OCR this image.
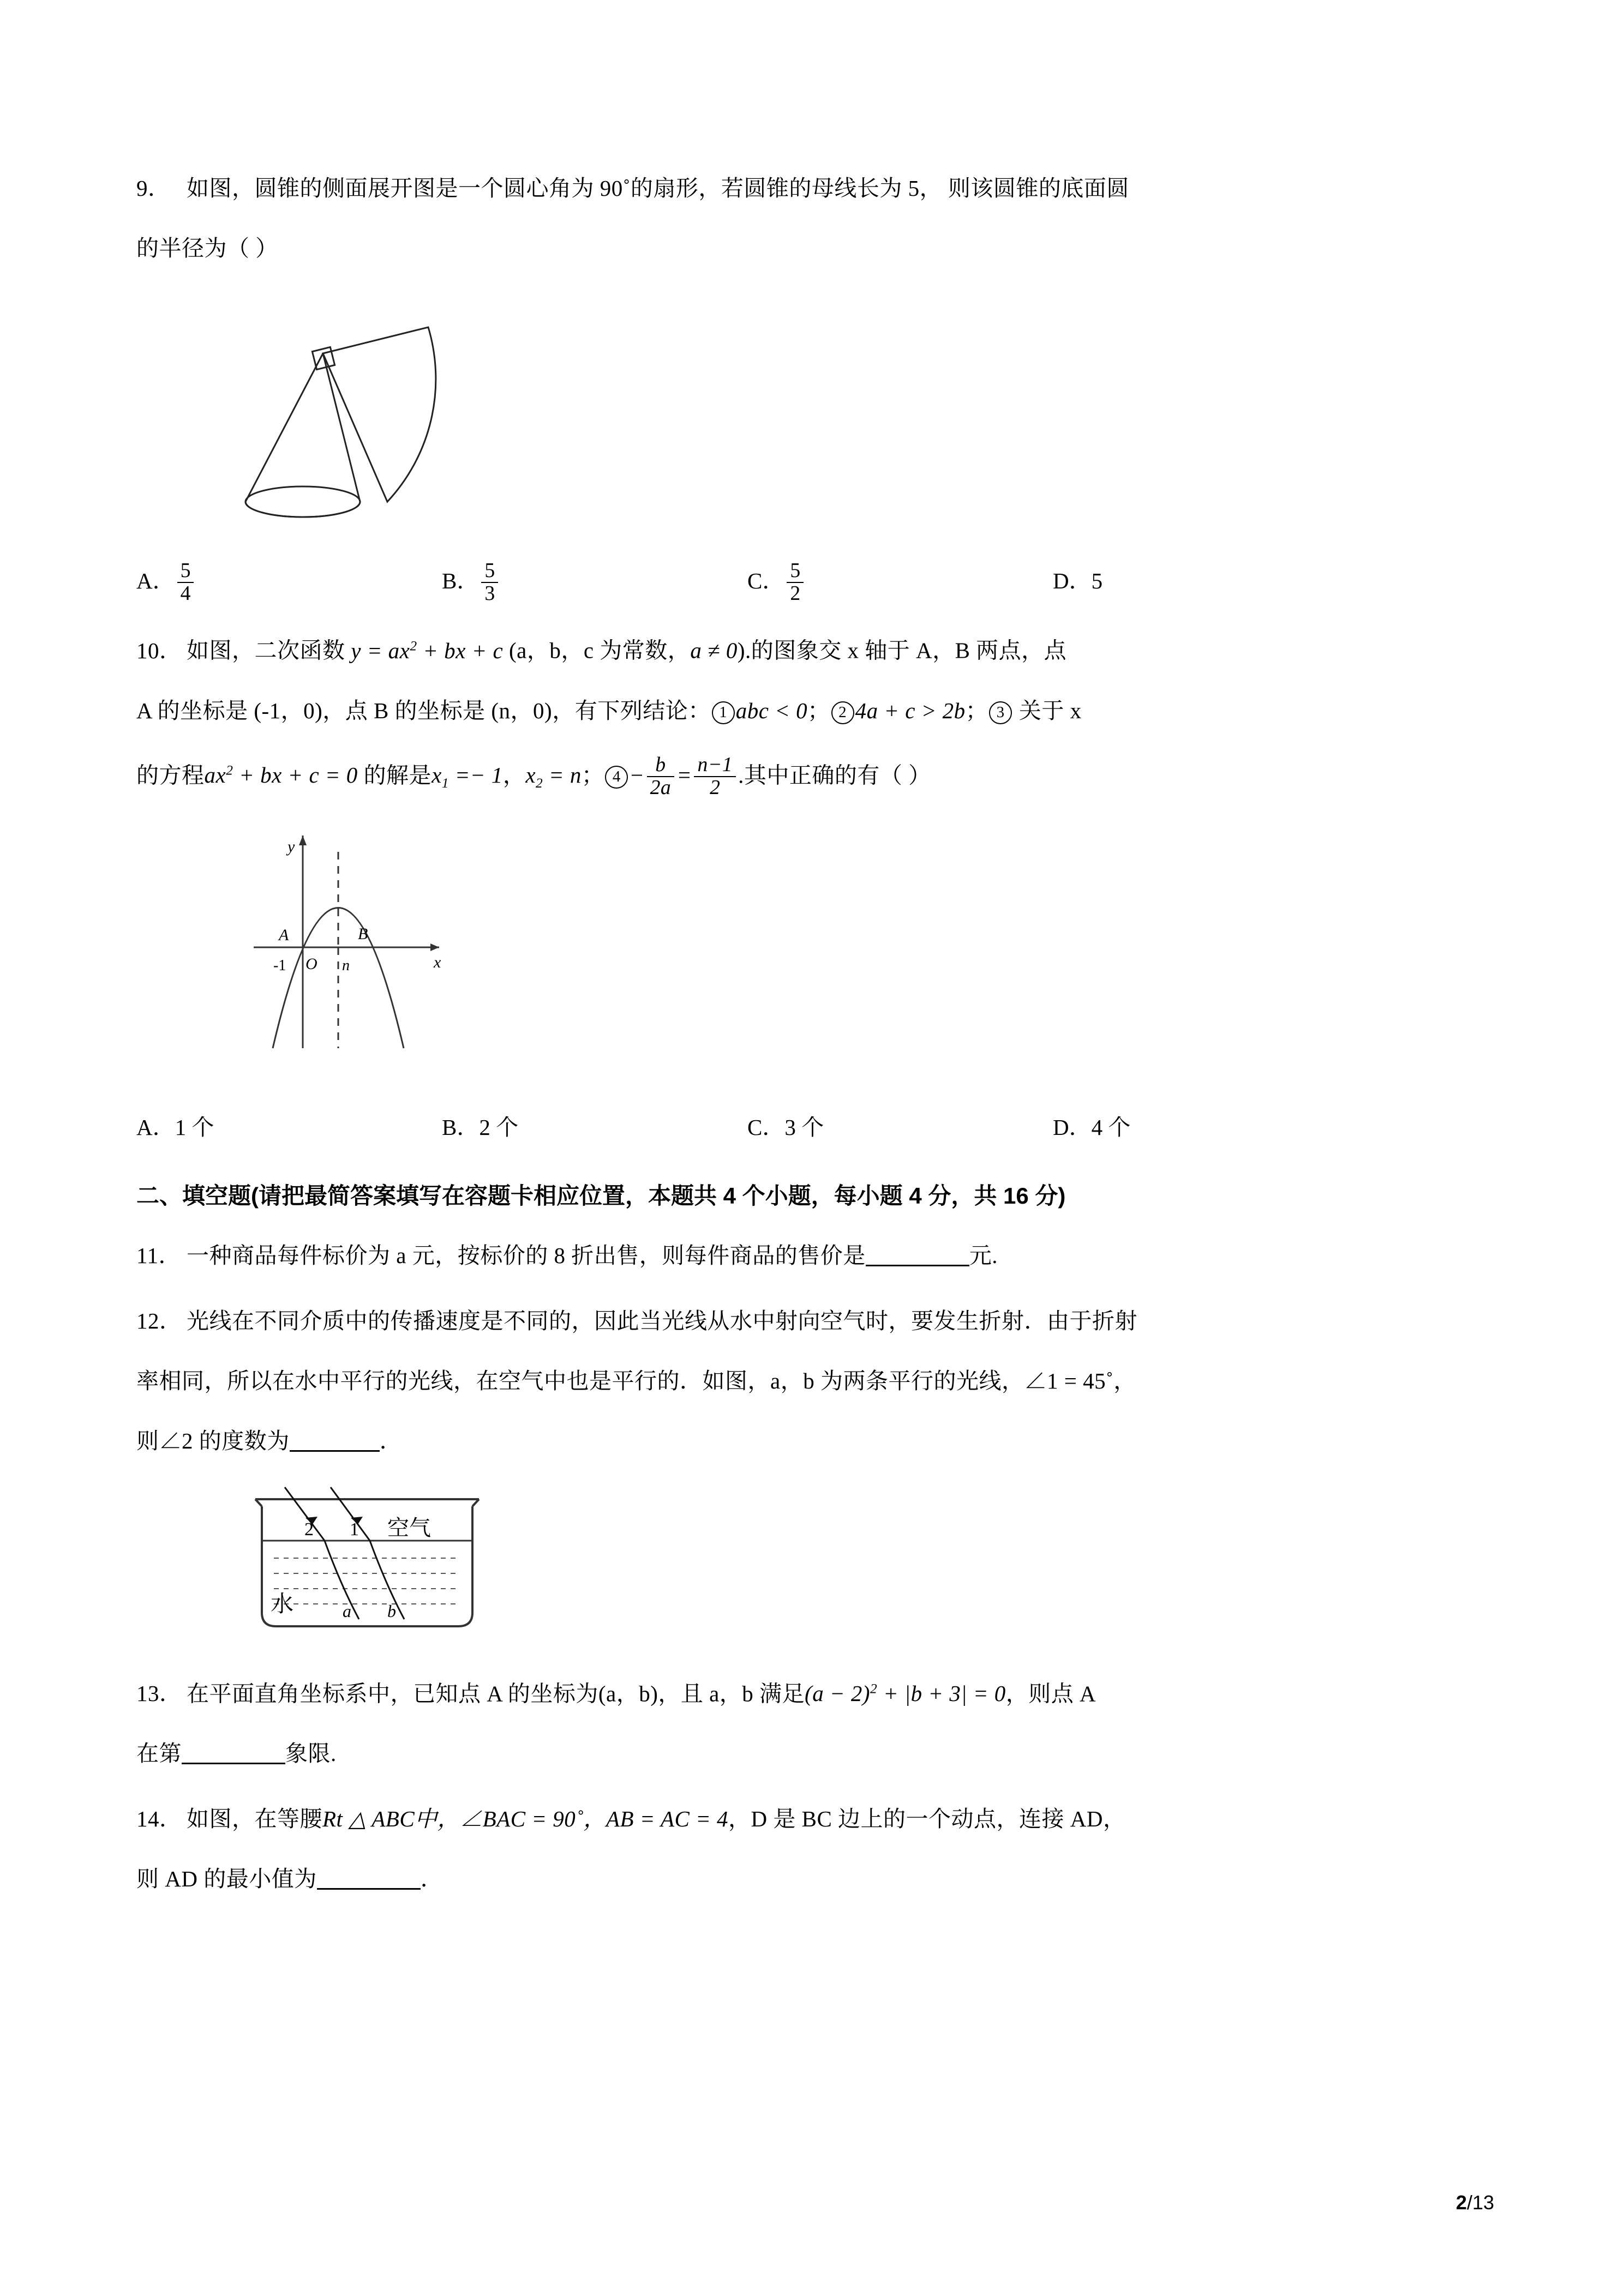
9． 如图，圆锥的侧面展开图是一个圆心角为 90˚的扇形，若圆锥的母线长为 5， 则该圆锥的底面圆
的半径为（ ）
A． $\frac{5}{4}$	B． $\frac{5}{3}$	C． $\frac{5}{2}$	D．5
10． 如图，二次函数 $y = ax^2$ + bx + c (a，b，c 为常数，a ≠ 0).的图象交 x 轴于 A，B 两点，点
A 的坐标是 (-1，0)，点 B 的坐标是 (n，0)，有下列结论： 1 abc < 0； 2 4a + c > 2b； 3 关于 x
的方程$ax^2$ + bx + c = 0 的解是$x_1 =- 1$，$x_2 = n$； $4 - \frac{b}{2a} = \frac{n-1}{2}$ .其中正确的有（ ）
y
x
O
A	B
-1	n
A．1 个	B．2 个	C．3 个	D．4 个
二、填空题(请把最简答案填写在容题卡相应位置，本题共 4 个小题，每小题 4 分，共 16 分)
11． 一种商品每件标价为 a 元，按标价的 8 折出售，则每件商品的售价是	元.
12． 光线在不同介质中的传播速度是不同的，因此当光线从水中射向空气时，要发生折射．由于折射
率相同，所以在水中平行的光线，在空气中也是平行的．如图，a，b 为两条平行的光线，∠1 = 45˚，
则∠2 的度数为	．
2 1 空气
水	a b
13． 在平面直角坐标系中，已知点 A 的坐标为(a，b)，且 a，b 满足$(a - 2)^2 + |b + 3| = 0$，则点 A
在第	象限.
14． 如图，在等腰Rt △ ABC中，∠BAC = 90˚，AB = AC = 4，D 是 BC 边上的一个动点，连接 AD，
则 AD 的最小值为	．
2/13
